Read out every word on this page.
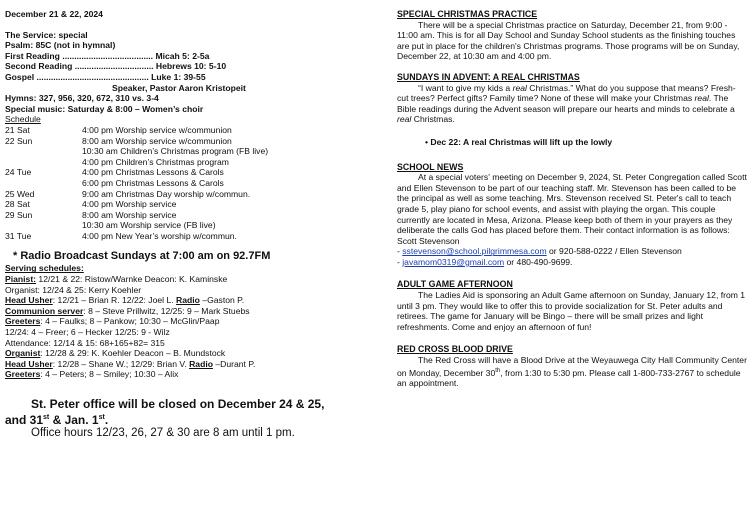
December 21 & 22, 2024
The Service: special
Psalm: 85C (not in hymnal)
First Reading ...................................... Micah 5: 2-5a
Second Reading ................................. Hebrews 10: 5-10
Gospel ............................................... Luke 1: 39-55
Speaker, Pastor Aaron Kristopeit
Hymns: 327, 956, 320, 672, 310 vs. 3-4
Special music: Saturday & 8:00 – Women’s choir
Schedule
21 Sat	4:00 pm Worship service w/communion
22 Sun	8:00 am Worship service w/communion
	10:30 am Children’s Christmas program (FB live)
	4:00 pm Children’s Christmas program
24 Tue	4:00 pm Christmas Lessons & Carols
	6:00 pm Christmas Lessons & Carols
25 Wed	9:00 am Christmas Day worship w/commun.
28 Sat	4:00 pm Worship service
29 Sun	8:00 am Worship service
	10:30 am Worship service (FB live)
31 Tue	4:00 pm New Year’s worship w/commun.
* Radio Broadcast Sundays at 7:00 am on 92.7FM
Serving schedules:
Pianist: 12/21 & 22: Ristow/Warnke Deacon: K. Kaminske
Organist: 12/24 & 25: Kerry Koehler
Head Usher: 12/21 – Brian R. 12/22: Joel L. Radio –Gaston P.
Communion server: 8 – Steve Prillwitz, 12/25: 9 – Mark Stuebs
Greeters: 4 – Faulks; 8 – Pankow; 10:30 – McGlin/Paap
12/24: 4 – Freer; 6 – Hecker 12/25: 9 - Wilz
Attendance: 12/14 & 15: 68+165+82= 315
Organist: 12/28 & 29: K. Koehler Deacon – B. Mundstock
Head Usher: 12/28 – Shane W.; 12/29: Brian V. Radio –Durant P.
Greeters: 4 – Peters; 8 – Smiley; 10:30 – Alix
St. Peter office will be closed on December 24 & 25,
and 31st & Jan. 1st.
Office hours 12/23, 26, 27 & 30 are 8 am until 1 pm.
SPECIAL CHRISTMAS PRACTICE
There will be a special Christmas practice on Saturday, December 21, from 9:00 - 11:00 am. This is for all Day School and Sunday School students as the finishing touches are put in place for the children's Christmas programs. Those programs will be on Sunday, December 22, at 10:30 am and 4:00 pm.
SUNDAYS IN ADVENT: A REAL CHRISTMAS
“I want to give my kids a real Christmas.” What do you suppose that means? Fresh-cut trees? Perfect gifts? Family time? None of these will make your Christmas real. The Bible readings during the Advent season will prepare our hearts and minds to celebrate a real Christmas.
• Dec 22: A real Christmas will lift up the lowly
SCHOOL NEWS
At a special voters' meeting on December 9, 2024, St. Peter Congregation called Scott and Ellen Stevenson to be part of our teaching staff. Mr. Stevenson has been called to be the principal as well as some teaching. Mrs. Stevenson received St. Peter's call to teach grade 5, play piano for school events, and assist with playing the organ. This couple currently are located in Mesa, Arizona. Please keep both of them in your prayers as they deliberate the calls God has placed before them. Their contact information is as follows: Scott Stevenson
- sstevenson@school.pilgrimmesa.com or 920-588-0222 / Ellen Stevenson
- javamom0319@gmail.com or 480-490-9699.
ADULT GAME AFTERNOON
The Ladies Aid is sponsoring an Adult Game afternoon on Sunday, January 12, from 1 until 3 pm. They would like to offer this to provide socialization for St. Peter adults and retirees. The game for January will be Bingo – there will be small prizes and light refreshments. Come and enjoy an afternoon of fun!
RED CROSS BLOOD DRIVE
The Red Cross will have a Blood Drive at the Weyauwega City Hall Community Center on Monday, December 30th, from 1:30 to 5:30 pm. Please call 1-800-733-2767 to schedule an appointment.
